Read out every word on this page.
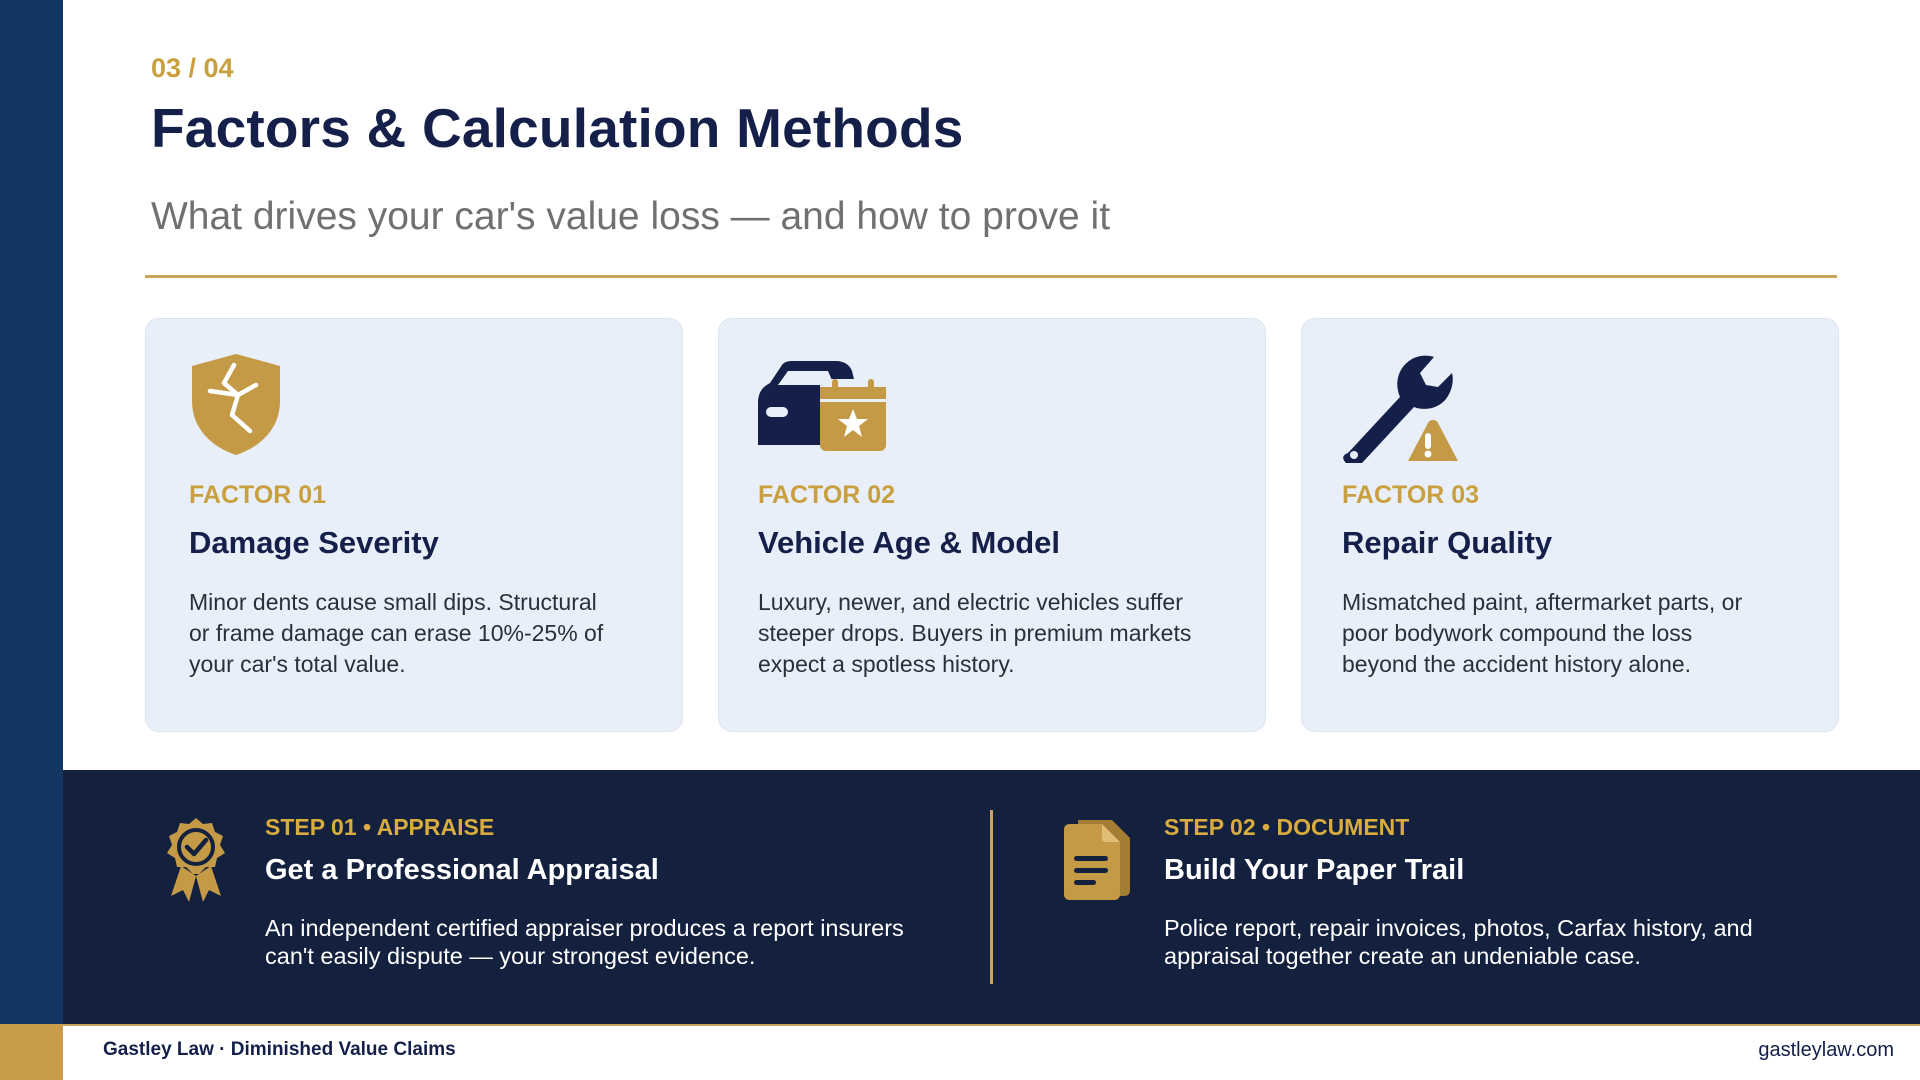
03 / 04
Factors & Calculation Methods
What drives your car's value loss — and how to prove it
FACTOR 01
Damage Severity
Minor dents cause small dips. Structural or frame damage can erase 10%-25% of your car's total value.
FACTOR 02
Vehicle Age & Model
Luxury, newer, and electric vehicles suffer steeper drops. Buyers in premium markets expect a spotless history.
FACTOR 03
Repair Quality
Mismatched paint, aftermarket parts, or poor bodywork compound the loss beyond the accident history alone.
STEP 01 • APPRAISE
Get a Professional Appraisal
An independent certified appraiser produces a report insurers can't easily dispute — your strongest evidence.
STEP 02 • DOCUMENT
Build Your Paper Trail
Police report, repair invoices, photos, Carfax history, and appraisal together create an undeniable case.
Gastley Law · Diminished Value Claims	gastleylaw.com
